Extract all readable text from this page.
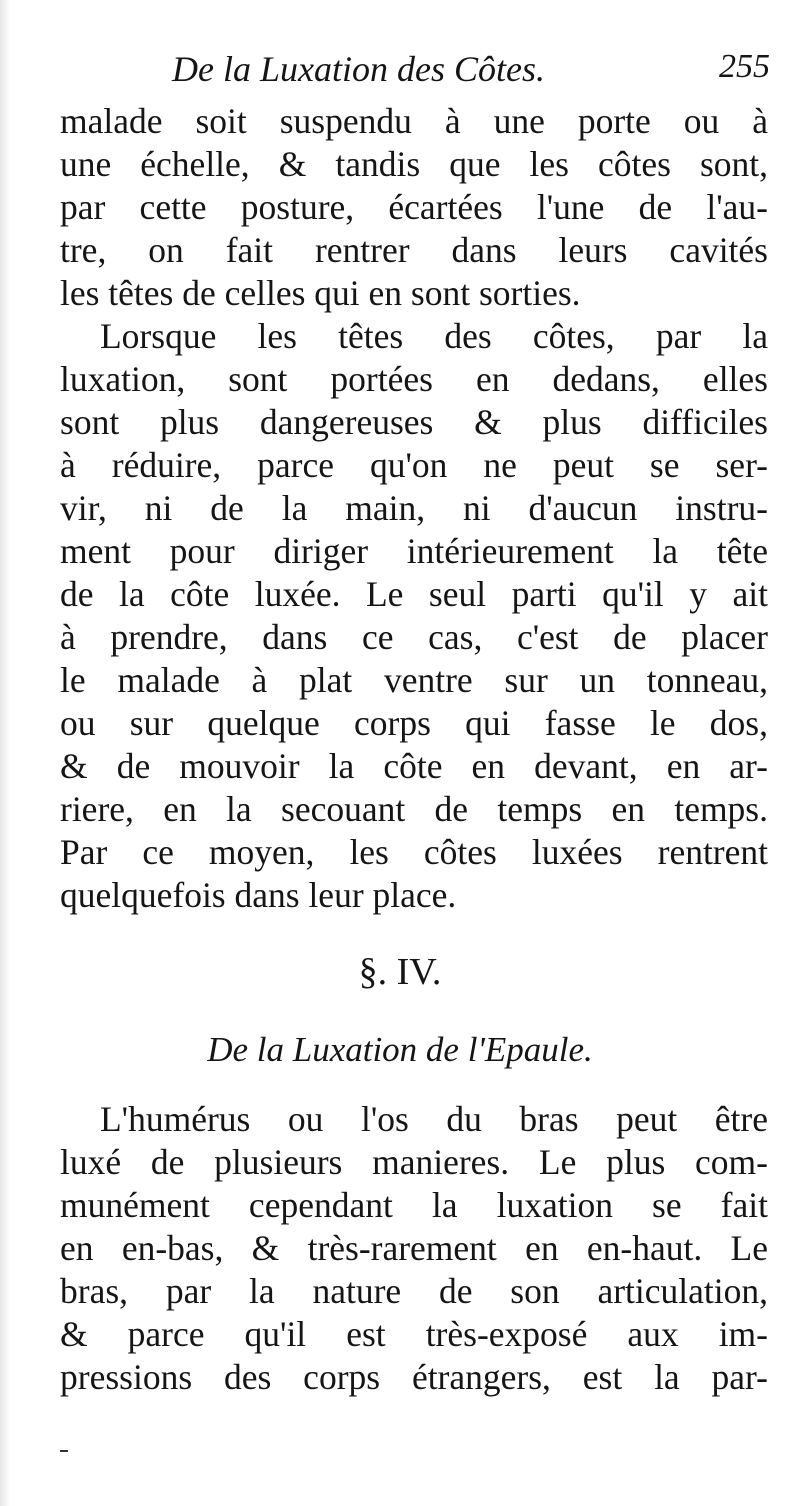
De la Luxation des Côtes.	255
malade soit suspendu à une porte ou à
une échelle, & tandis que les côtes sont,
par cette posture, écartées l'une de l'au-
tre, on fait rentrer dans leurs cavités
les têtes de celles qui en sont sorties.
Lorsque les têtes des côtes, par la
luxation, sont portées en dedans, elles
sont plus dangereuses & plus difficiles
à réduire, parce qu'on ne peut se ser-
vir, ni de la main, ni d'aucun instru-
ment pour diriger intérieurement la tête
de la côte luxée. Le seul parti qu'il y ait
à prendre, dans ce cas, c'est de placer
le malade à plat ventre sur un tonneau,
ou sur quelque corps qui fasse le dos,
& de mouvoir la côte en devant, en ar-
riere, en la secouant de temps en temps.
Par ce moyen, les côtes luxées rentrent
quelquefois dans leur place.
§. IV.
De la Luxation de l'Epaule.
L'humérus ou l'os du bras peut être
luxé de plusieurs manieres. Le plus com-
munément cependant la luxation se fait
en en-bas, & très-rarement en en-haut. Le
bras, par la nature de son articulation,
& parce qu'il est très-exposé aux im-
pressions des corps étrangers, est la par-
